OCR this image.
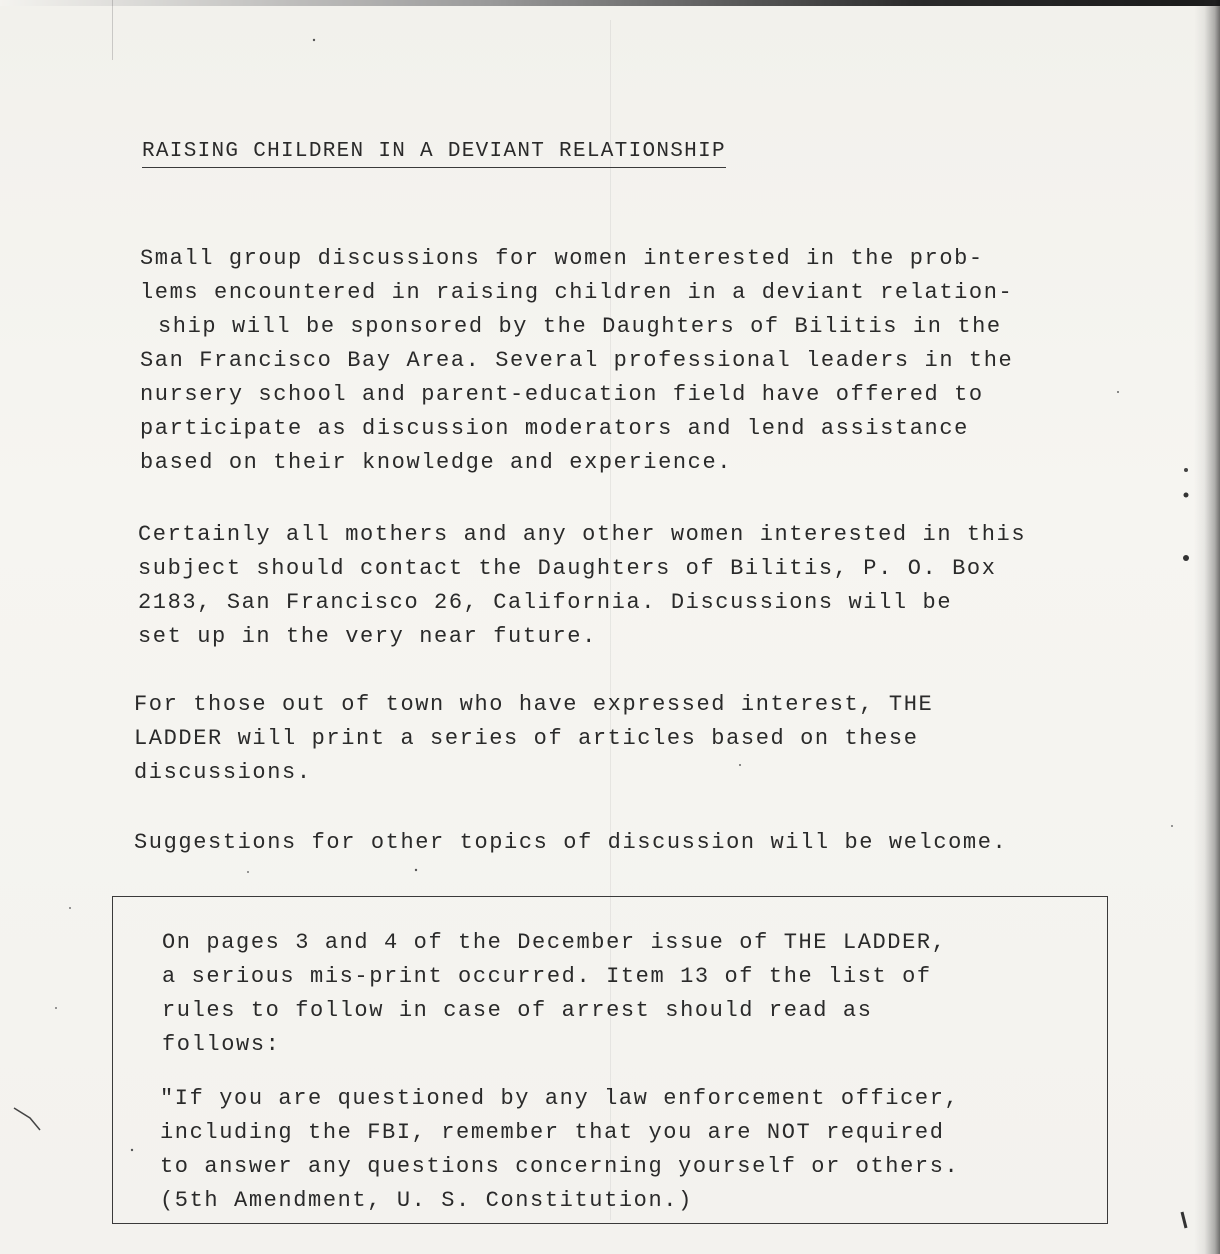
RAISING CHILDREN IN A DEVIANT RELATIONSHIP
Small group discussions for women interested in the prob-
lems encountered in raising children in a deviant relation-
ship will be sponsored by the Daughters of Bilitis in the
San Francisco Bay Area. Several professional leaders in the
nursery school and parent-education field have offered to
participate as discussion moderators and lend assistance
based on their knowledge and experience.
Certainly all mothers and any other women interested in this
subject should contact the Daughters of Bilitis, P. O. Box
2183, San Francisco 26, California. Discussions will be
set up in the very near future.
For those out of town who have expressed interest, THE
LADDER will print a series of articles based on these
discussions.
Suggestions for other topics of discussion will be welcome.
On pages 3 and 4 of the December issue of THE LADDER,
a serious mis-print occurred. Item 13 of the list of
rules to follow in case of arrest should read as
follows:
"If you are questioned by any law enforcement officer,
including the FBI, remember that you are NOT required
to answer any questions concerning yourself or others.
(5th Amendment, U. S. Constitution.)
